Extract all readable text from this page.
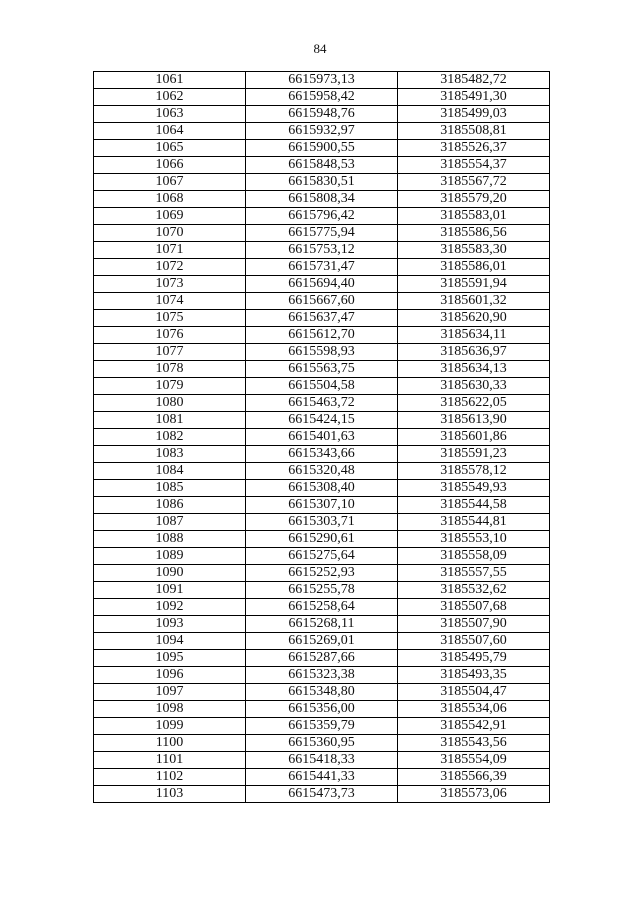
84
1061	6615973,13	3185482,72
1062	6615958,42	3185491,30
1063	6615948,76	3185499,03
1064	6615932,97	3185508,81
1065	6615900,55	3185526,37
1066	6615848,53	3185554,37
1067	6615830,51	3185567,72
1068	6615808,34	3185579,20
1069	6615796,42	3185583,01
1070	6615775,94	3185586,56
1071	6615753,12	3185583,30
1072	6615731,47	3185586,01
1073	6615694,40	3185591,94
1074	6615667,60	3185601,32
1075	6615637,47	3185620,90
1076	6615612,70	3185634,11
1077	6615598,93	3185636,97
1078	6615563,75	3185634,13
1079	6615504,58	3185630,33
1080	6615463,72	3185622,05
1081	6615424,15	3185613,90
1082	6615401,63	3185601,86
1083	6615343,66	3185591,23
1084	6615320,48	3185578,12
1085	6615308,40	3185549,93
1086	6615307,10	3185544,58
1087	6615303,71	3185544,81
1088	6615290,61	3185553,10
1089	6615275,64	3185558,09
1090	6615252,93	3185557,55
1091	6615255,78	3185532,62
1092	6615258,64	3185507,68
1093	6615268,11	3185507,90
1094	6615269,01	3185507,60
1095	6615287,66	3185495,79
1096	6615323,38	3185493,35
1097	6615348,80	3185504,47
1098	6615356,00	3185534,06
1099	6615359,79	3185542,91
1100	6615360,95	3185543,56
1101	6615418,33	3185554,09
1102	6615441,33	3185566,39
1103	6615473,73	3185573,06
